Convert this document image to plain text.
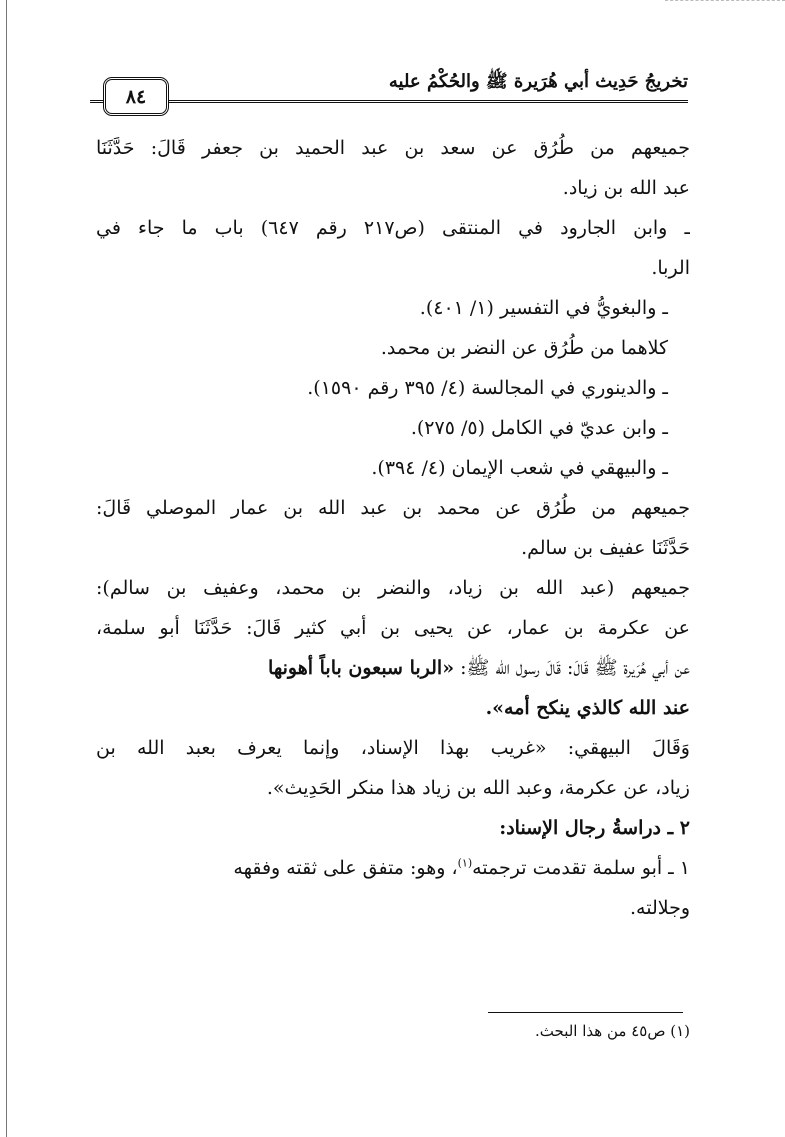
تخريجُ حَدِيث أبي هُرَيرة ﷺ والحُكْمُ عليه
٨٤
جميعهم من طُرُق عن سعد بن عبد الحميد بن جعفر قَالَ: حَدَّثَنَا
عبد الله بن زياد.
ـ وابن الجارود في المنتقى (ص٢١٧ رقم ٦٤٧) باب ما جاء في
الربا.
ـ والبغويُّ في التفسير (١/ ٤٠١).
كلاهما من طُرُق عن النضر بن محمد.
ـ والدينوري في المجالسة (٤/ ٣٩٥ رقم ١٥٩٠).
ـ وابن عديّ في الكامل (٥/ ٢٧٥).
ـ والبيهقي في شعب الإيمان (٤/ ٣٩٤).
جميعهم من طُرُق عن محمد بن عبد الله بن عمار الموصلي قَالَ:
حَدَّثَنَا عفيف بن سالم.
جميعهم (عبد الله بن زياد، والنضر بن محمد، وعفيف بن سالم):
عن عكرمة بن عمار، عن يحيى بن أبي كثير قَالَ: حَدَّثَنَا أبو سلمة،
عن أبي هُرَيرة ﷺ قَالَ: قَالَ رسول الله ﷺ: «الربا سبعون باباً أهونها
عند الله كالذي ينكح أمه».
وَقَالَ البيهقي: «غريب بهذا الإسناد، وإنما يعرف بعبد الله بن
زياد، عن عكرمة، وعبد الله بن زياد هذا منكر الحَدِيث».
٢ ـ دراسةُ رجال الإسناد:
١ ـ أبو سلمة تقدمت ترجمته$^{(١)}$، وهو: متفق على ثقته وفقهه
وجلالته.
(١) ص٤٥ من هذا البحث.
